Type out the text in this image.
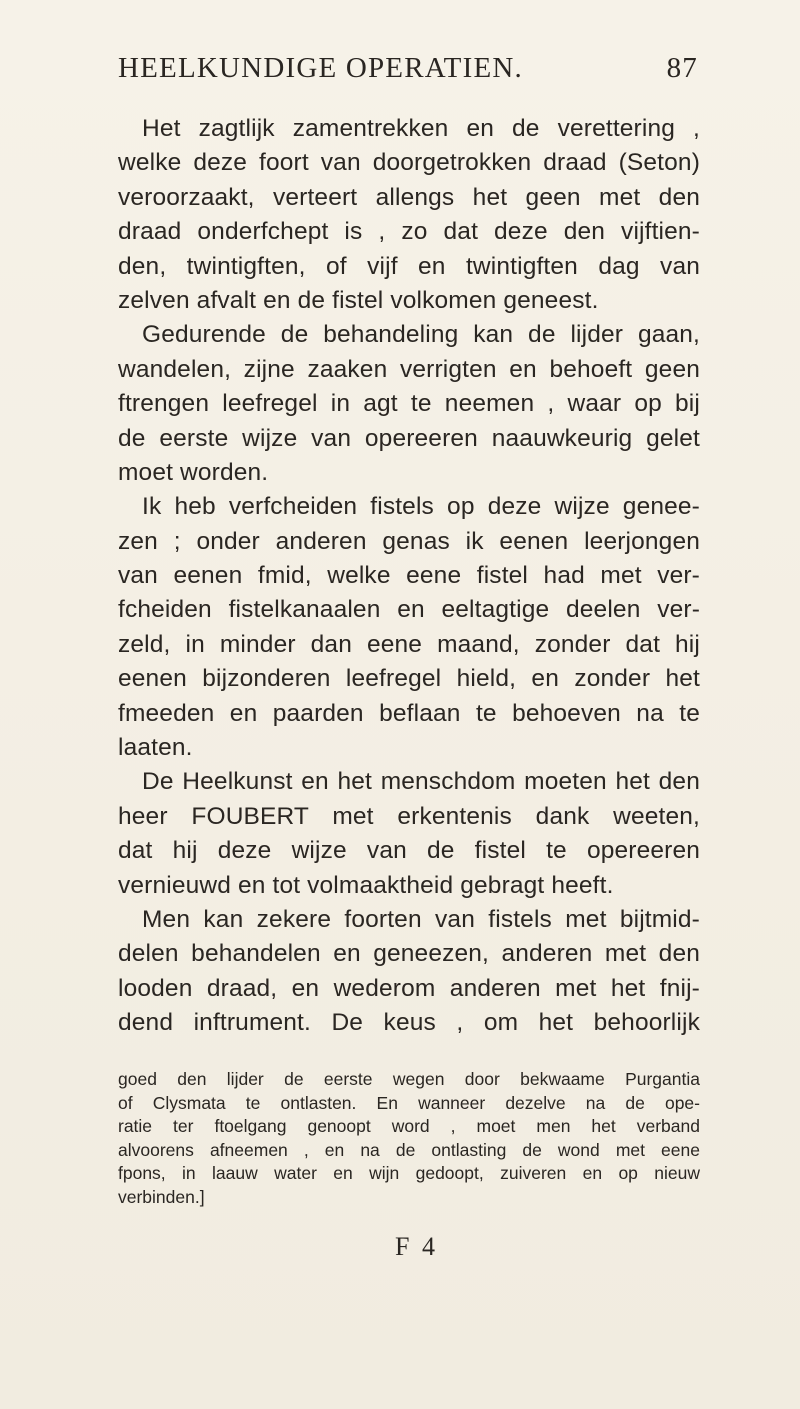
HEELKUNDIGE OPERATIEN.	87
Het zagtlijk zamentrekken en de verettering ,
welke deze foort van doorgetrokken draad (Seton)
veroorzaakt, verteert allengs het geen met den
draad onderfchept is , zo dat deze den vijftien-
den, twintigften, of vijf en twintigften dag van
zelven afvalt en de fistel volkomen geneest.
Gedurende de behandeling kan de lijder gaan,
wandelen, zijne zaaken verrigten en behoeft geen
ftrengen leefregel in agt te neemen , waar op bij
de eerste wijze van opereeren naauwkeurig gelet
moet worden.
Ik heb verfcheiden fistels op deze wijze genee-
zen ; onder anderen genas ik eenen leerjongen
van eenen fmid, welke eene fistel had met ver-
fcheiden fistelkanaalen en eeltagtige deelen ver-
zeld, in minder dan eene maand, zonder dat hij
eenen bijzonderen leefregel hield, en zonder het
fmeeden en paarden beflaan te behoeven na te
laaten.
De Heelkunst en het menschdom moeten het den
heer FOUBERT met erkentenis dank weeten,
dat hij deze wijze van de fistel te opereeren
vernieuwd en tot volmaaktheid gebragt heeft.
Men kan zekere foorten van fistels met bijtmid-
delen behandelen en geneezen, anderen met den
looden draad, en wederom anderen met het fnij-
dend inftrument. De keus , om het behoorlijk
goed den lijder de eerste wegen door bekwaame Purgantia
of Clysmata te ontlasten. En wanneer dezelve na de ope-
ratie ter ftoelgang genoopt word , moet men het verband
alvoorens afneemen , en na de ontlasting de wond met eene
fpons, in laauw water en wijn gedoopt, zuiveren en op nieuw
verbinden.]
F 4
